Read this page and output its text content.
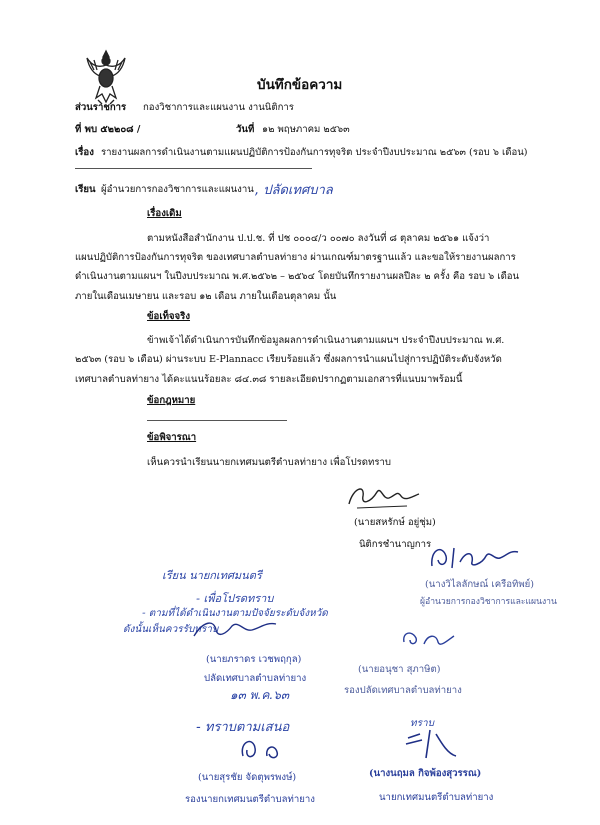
บันทึกข้อความ
ส่วนราชการ กองวิชาการและแผนงาน งานนิติการ
ที่ พบ ๕๒๒๐๘ /	วันที่ ๑๒ พฤษภาคม ๒๕๖๓
เรื่อง รายงานผลการดำเนินงานตามแผนปฏิบัติการป้องกันการทุจริต ประจำปีงบประมาณ ๒๕๖๓ (รอบ ๖ เดือน)
เรียน ผู้อำนวยการกองวิชาการและแผนงาน , ปลัดเทศบาล
เรื่องเดิม
ตามหนังสือสำนักงาน ป.ป.ช. ที่ ปช ๐๐๐๔/ว ๐๐๗๐ ลงวันที่ ๘ ตุลาคม ๒๕๖๑ แจ้งว่า
แผนปฏิบัติการป้องกันการทุจริต ของเทศบาลตำบลท่ายาง ผ่านเกณฑ์มาตรฐานแล้ว และขอให้รายงานผลการ
ดำเนินงานตามแผนฯ ในปีงบประมาณ พ.ศ.๒๕๖๒ – ๒๕๖๔ โดยบันทึกรายงานผลปีละ ๒ ครั้ง คือ รอบ ๖ เดือน
ภายในเดือนเมษายน และรอบ ๑๒ เดือน ภายในเดือนตุลาคม นั้น
ข้อเท็จจริง
ข้าพเจ้าได้ดำเนินการบันทึกข้อมูลผลการดำเนินงานตามแผนฯ ประจำปีงบประมาณ พ.ศ.
๒๕๖๓ (รอบ ๖ เดือน) ผ่านระบบ E-Plannacc เรียบร้อยแล้ว ซึ่งผลการนำแผนไปสู่การปฏิบัติระดับจังหวัด
เทศบาลตำบลท่ายาง ได้คะแนนร้อยละ ๘๔.๓๘ รายละเอียดปรากฏตามเอกสารที่แนบมาพร้อมนี้
ข้อกฎหมาย
ข้อพิจารณา
เห็นควรนำเรียนนายกเทศมนตรีตำบลท่ายาง เพื่อโปรดทราบ
(นายสหรักษ์ อยู่ชุ่ม)
นิติกรชำนาญการ
(นางวิไลลักษณ์ เครือทิพย์)
ผู้อำนวยการกองวิชาการและแผนงาน
เรียน นายกเทศมนตรี
- เพื่อโปรดทราบ
- ตามที่ได้ดำเนินงานตามปัจจัยระดับจังหวัด
ดังนั้นเห็นควรรับทราบ
(นายภราดร เวชพฤกุล)
ปลัดเทศบาลตำบลท่ายาง
๑๓ พ.ค.๖๓
(นายอนุชา สุภาษิต)
รองปลัดเทศบาลตำบลท่ายาง
- ทราบตามเสนอ
(นายสุรชัย จัดตุพรพงษ์)
รองนายกเทศมนตรีตำบลท่ายาง
ทราบ
(นางนฤมล กิจพ้องสุวรรณ)
นายกเทศมนตรีตำบลท่ายาง
